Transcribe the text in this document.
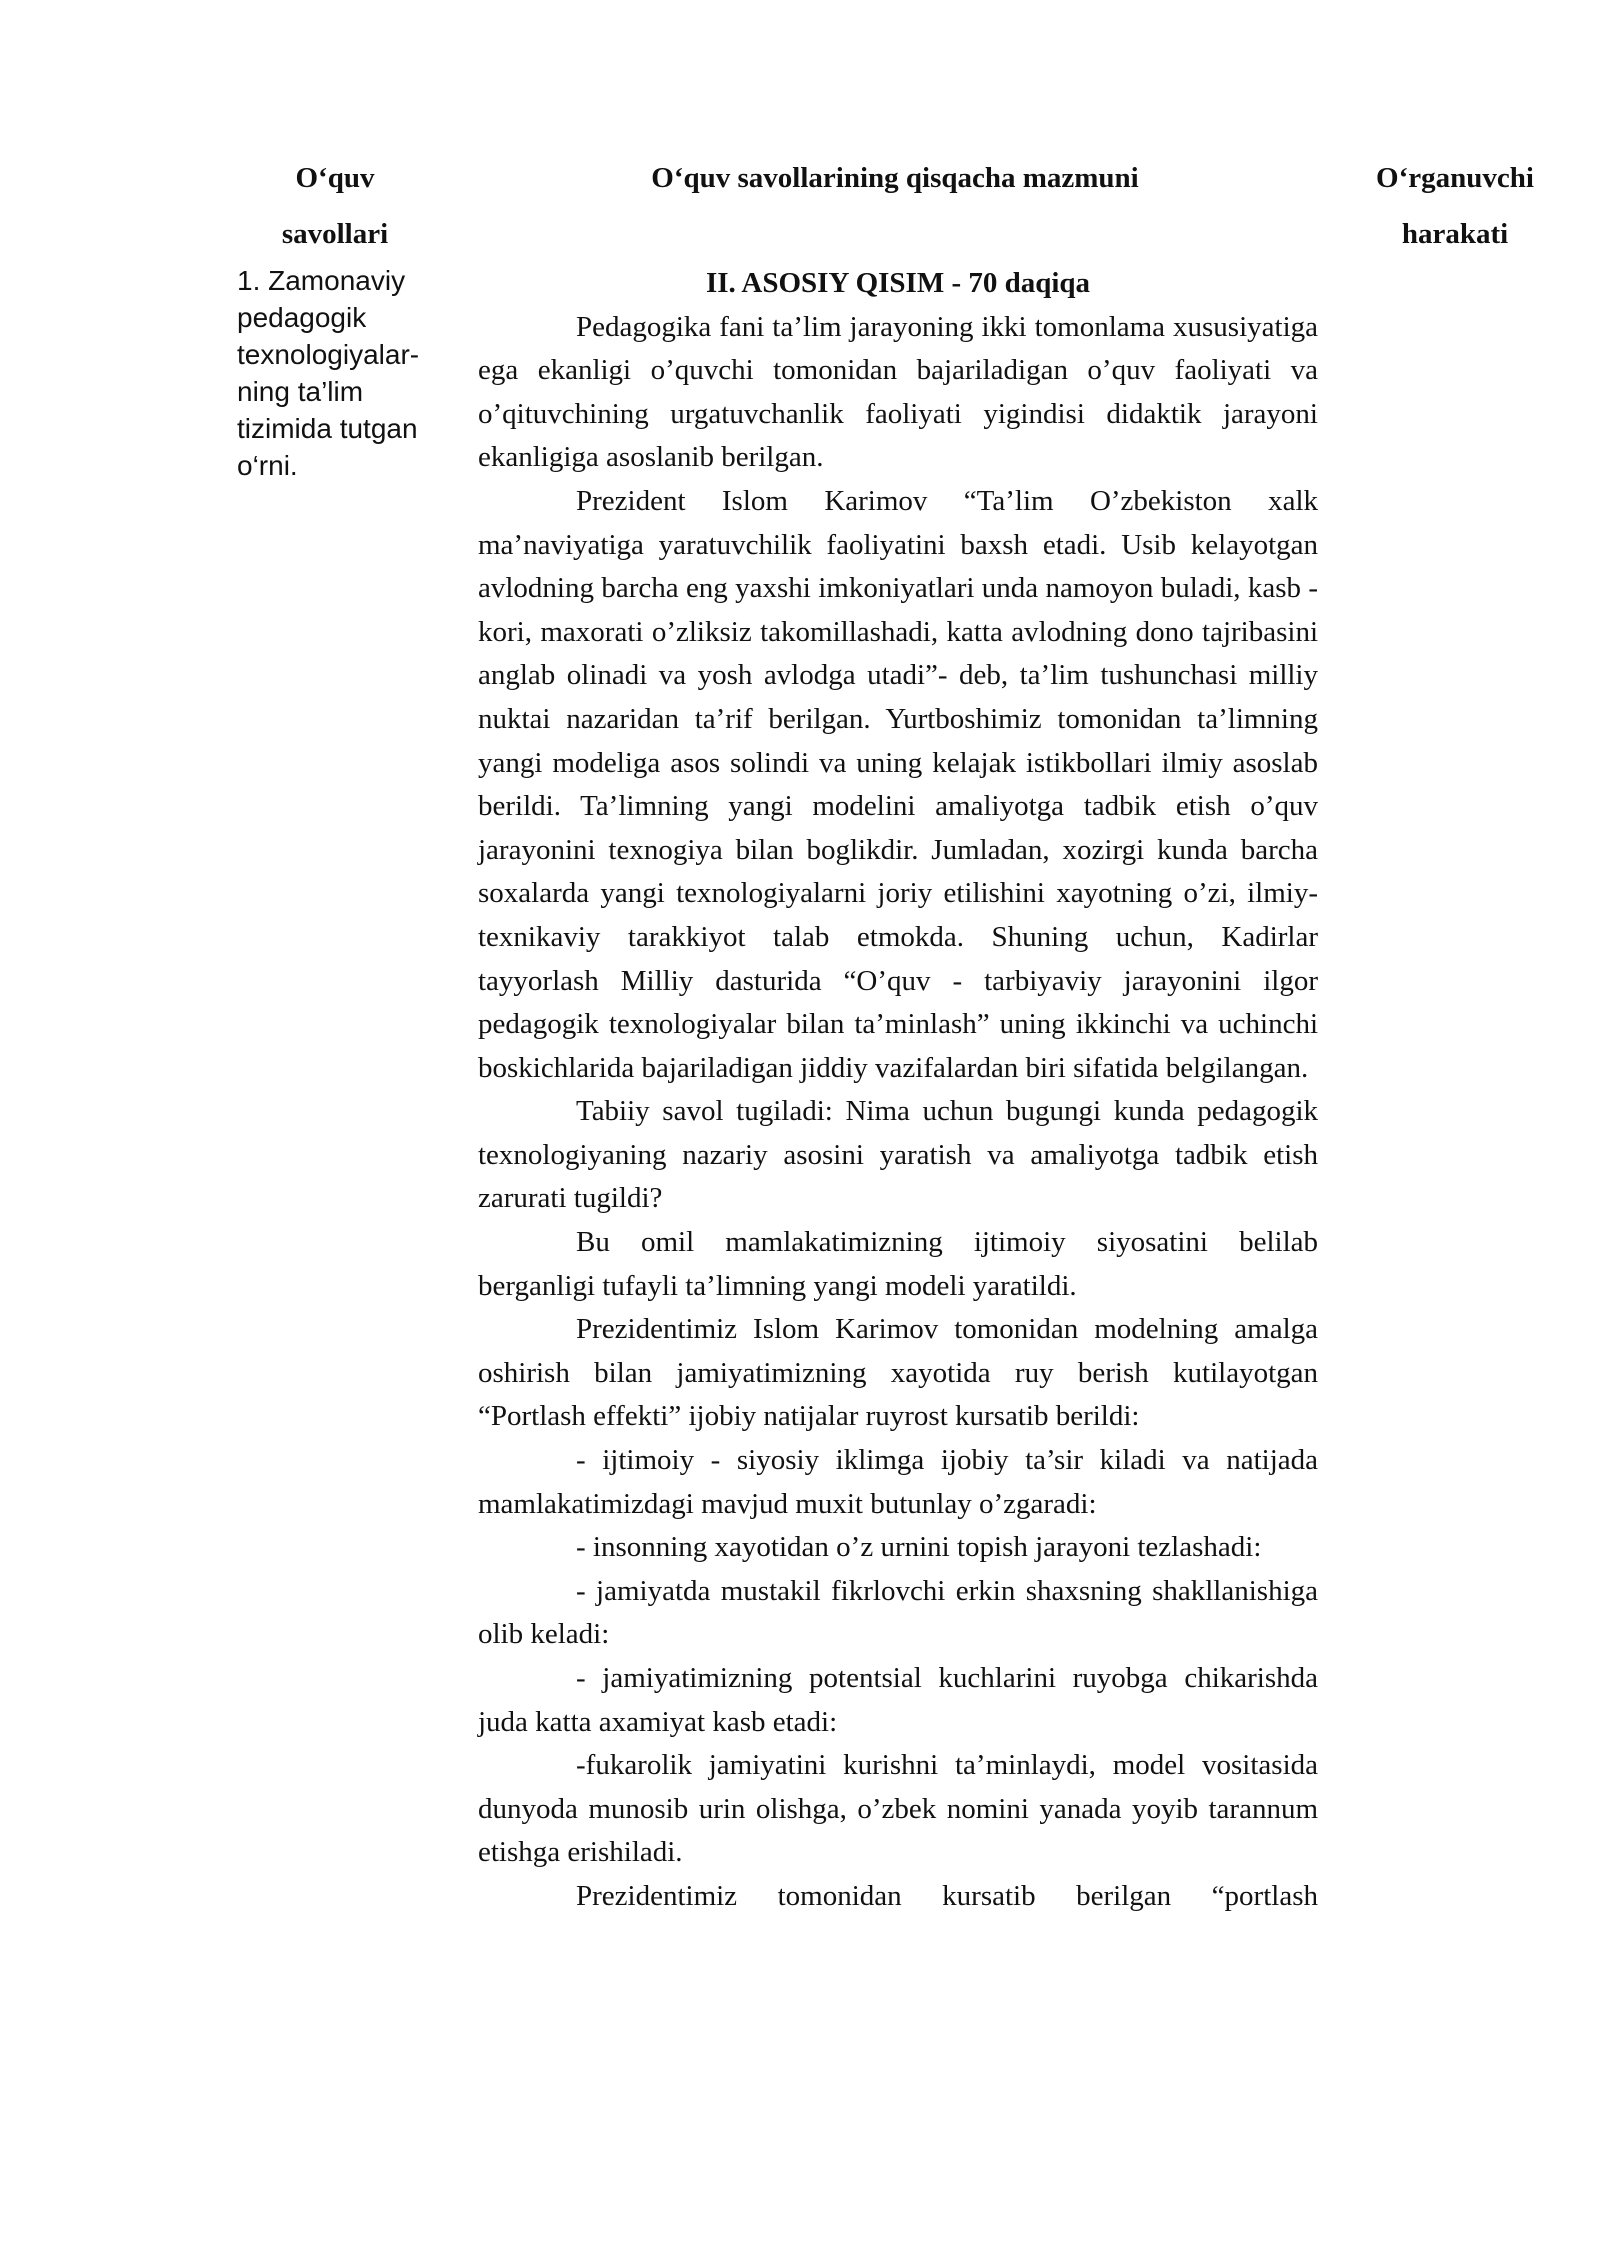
O‘quv
savollari
O‘quv savollarining qisqacha mazmuni	O‘rganuvchi
harakati
1. Zamonaviy
pedagogik
texnologiyalar-
ning ta’lim
tizimida tutgan
o‘rni.
II. ASOSIY QISIM - 70 daqiqa

Pedagogika fani ta’lim jarayoning ikki tomonlama xususiyatiga ega ekanligi o’quvchi tomonidan bajariladigan o’quv faoliyati va o’qituvchining urgatuvchanlik faoliyati yigindisi didaktik jarayoni ekanligiga asoslanib berilgan.

Prezident Islom Karimov “Ta’lim O’zbekiston xalk ma’naviyatiga yaratuvchilik faoliyatini baxsh etadi. Usib kelayotgan avlodning barcha eng yaxshi imkoniyatlari unda namoyon buladi, kasb - kori, maxorati o’zliksiz takomillashadi, katta avlodning dono tajribasini anglab olinadi va yosh avlodga utadi”- deb, ta’lim tushunchasi milliy nuktai nazaridan ta’rif berilgan. Yurtboshimiz tomonidan ta’limning yangi modeliga asos solindi va uning kelajak istikbollari ilmiy asoslab berildi. Ta’limning yangi modelini amaliyotga tadbik etish o’quv jarayonini texnogiya bilan boglikdir. Jumladan, xozirgi kunda barcha soxalarda yangi texnologiyalarni joriy etilishini xayotning o’zi, ilmiy-texnikaviy tarakkiyot talab etmokda. Shuning uchun, Kadirlar tayyorlash Milliy dasturida “O’quv - tarbiyaviy jarayonini ilgor pedagogik texnologiyalar bilan ta’minlash” uning ikkinchi va uchinchi boskichlarida bajariladigan jiddiy vazifalardan biri sifatida belgilangan.

Tabiiy savol tugiladi: Nima uchun bugungi kunda pedagogik texnologiyaning nazariy asosini yaratish va amaliyotga tadbik etish zarurati tugildi?

Bu omil mamlakatimizning ijtimoiy siyosatini belilab berganligi tufayli ta’limning yangi modeli yaratildi.

Prezidentimiz Islom Karimov tomonidan modelning amalga oshirish bilan jamiyatimizning xayotida ruy berish kutilayotgan “Portlash effekti” ijobiy natijalar ruyrost kursatib berildi:

- ijtimoiy - siyosiy iklimga ijobiy ta’sir kiladi va natijada mamlakatimizdagi mavjud muxit butunlay o’zgaradi:

- insonning xayotidan o’z urnini topish jarayoni tezlashadi:

- jamiyatda mustakil fikrlovchi erkin shaxsning shakllanishiga olib keladi:

- jamiyatimizning potentsial kuchlarini ruyobga chikarishda juda katta axamiyat kasb etadi:

-fukarolik jamiyatini kurishni ta’minlaydi, model vositasida dunyoda munosib urin olishga, o’zbek nomini yanada yoyib tarannum etishga erishiladi.

Prezidentimiz tomonidan kursatib berilgan “portlash
